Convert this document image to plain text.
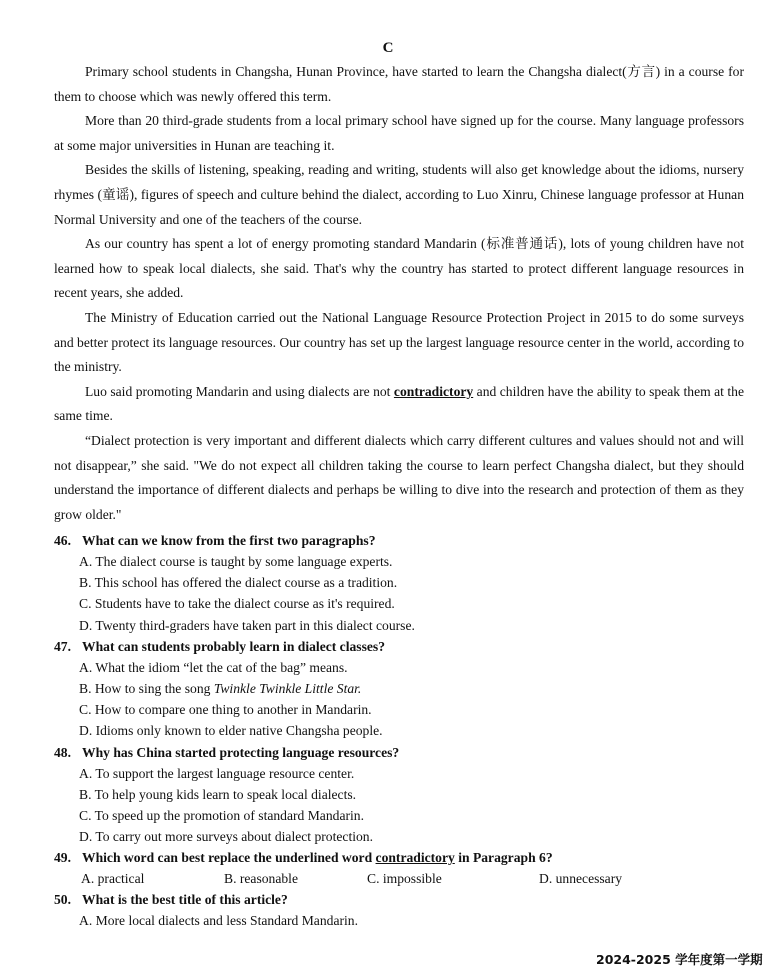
C

Primary school students in Changsha, Hunan Province, have started to learn the Changsha dialect(方言) in a course for them to choose which was newly offered this term.

More than 20 third-grade students from a local primary school have signed up for the course. Many language professors at some major universities in Hunan are teaching it.

Besides the skills of listening, speaking, reading and writing, students will also get knowledge about the idioms, nursery rhymes (童谣), figures of speech and culture behind the dialect, according to Luo Xinru, Chinese language professor at Hunan Normal University and one of the teachers of the course.

As our country has spent a lot of energy promoting standard Mandarin (标准普通话), lots of young children have not learned how to speak local dialects, she said. That's why the country has started to protect different language resources in recent years, she added.

The Ministry of Education carried out the National Language Resource Protection Project in 2015 to do some surveys and better protect its language resources. Our country has set up the largest language resource center in the world, according to the ministry.

Luo said promoting Mandarin and using dialects are not contradictory and children have the ability to speak them at the same time.

“Dialect protection is very important and different dialects which carry different cultures and values should not and will not disappear,” she said. "We do not expect all children taking the course to learn perfect Changsha dialect, but they should understand the importance of different dialects and perhaps be willing to dive into the research and protection of them as they grow older."

46. What can we know from the first two paragraphs?
A. The dialect course is taught by some language experts.
B. This school has offered the dialect course as a tradition.
C. Students have to take the dialect course as it's required.
D. Twenty third-graders have taken part in this dialect course.
47. What can students probably learn in dialect classes?
A. What the idiom “let the cat of the bag” means.
B. How to sing the song Twinkle Twinkle Little Star.
C. How to compare one thing to another in Mandarin.
D. Idioms only known to elder native Changsha people.
48. Why has China started protecting language resources?
A. To support the largest language resource center.
B. To help young kids learn to speak local dialects.
C. To speed up the promotion of standard Mandarin.
D. To carry out more surveys about dialect protection.
49. Which word can best replace the underlined word contradictory in Paragraph 6?
A. practical	B. reasonable	C. impossible	D. unnecessary
50. What is the best title of this article?
A. More local dialects and less Standard Mandarin.
2024-2025 学年度第一学期
